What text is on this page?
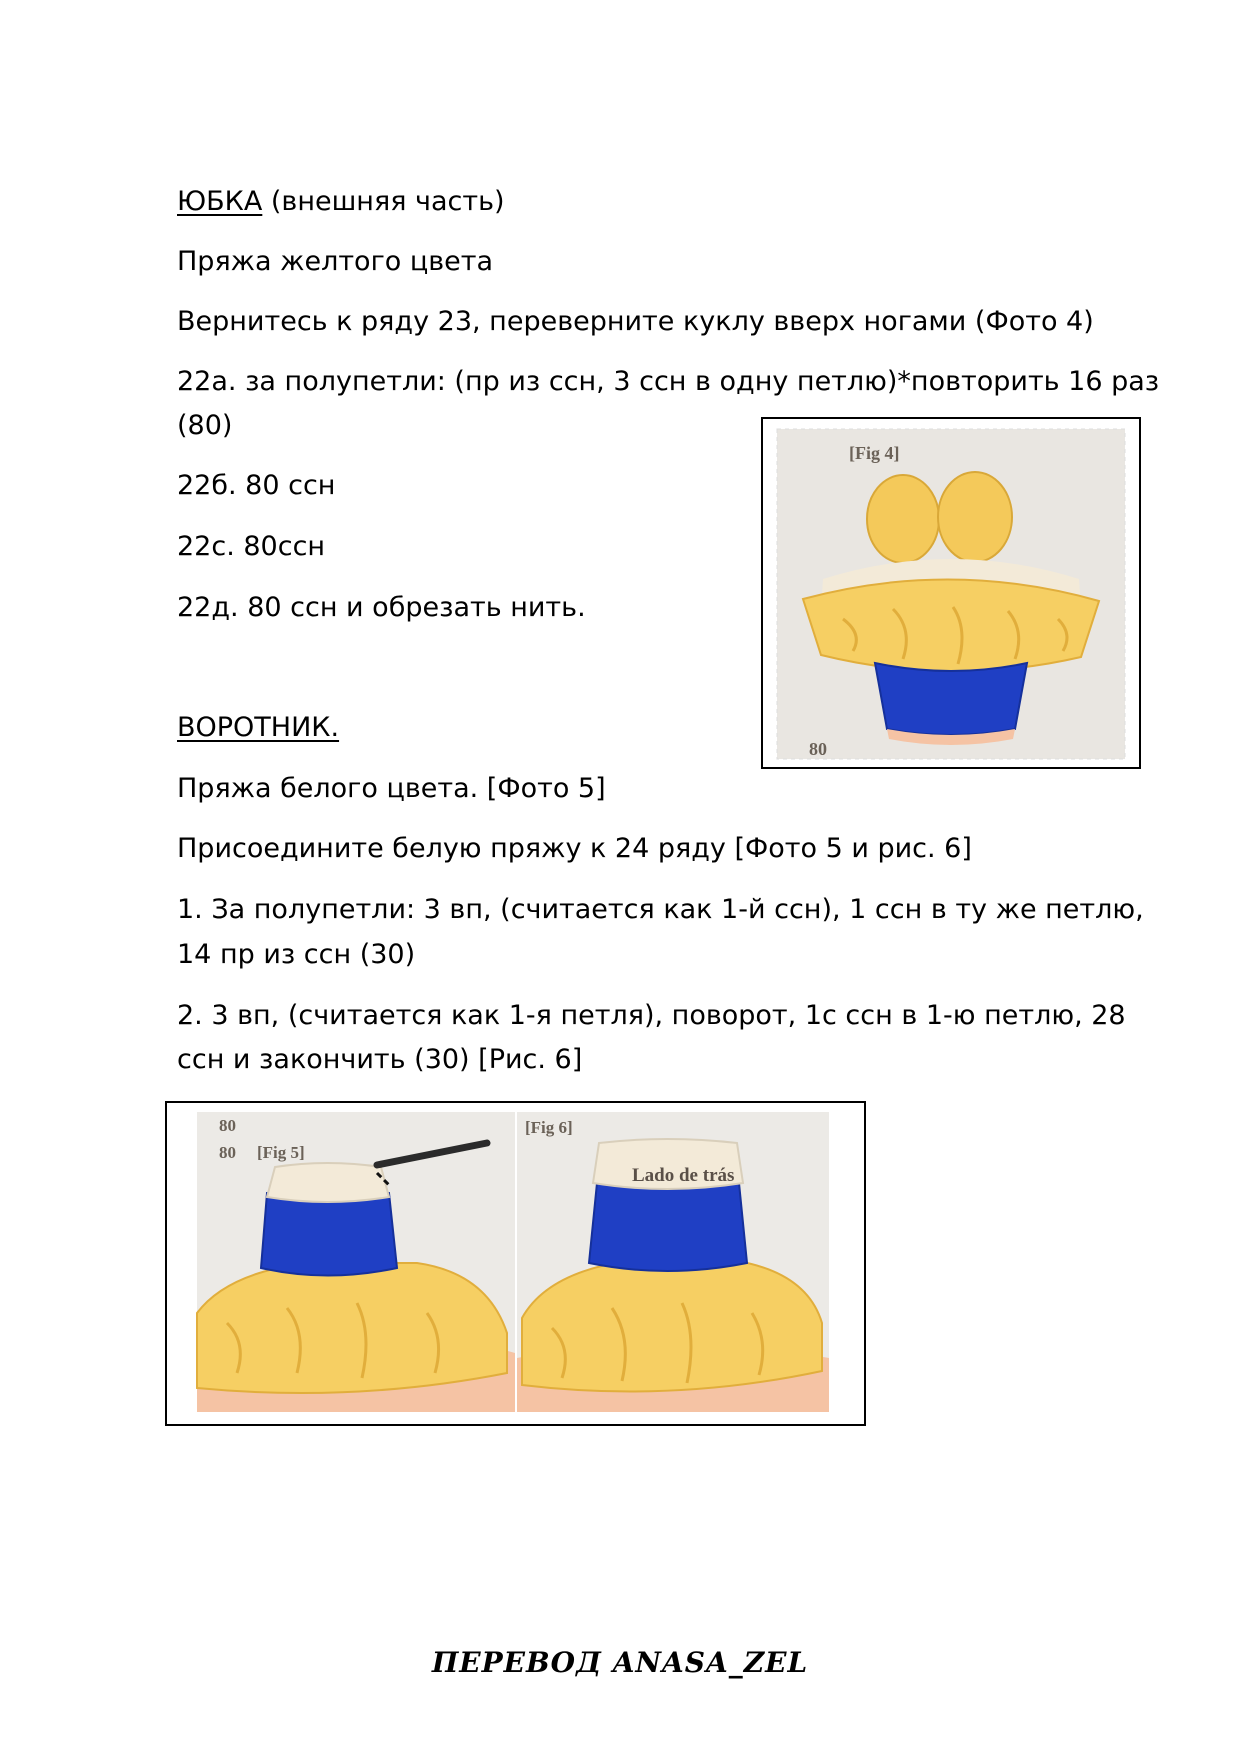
ЮБКА (внешняя часть)
Пряжа желтого цвета
Вернитесь к ряду 23, переверните куклу вверх ногами (Фото 4)
22а. за полупетли: (пр из ссн, 3 ссн в одну петлю)*повторить 16 раз
(80)
22б. 80 ссн
22с. 80ссн
22д. 80 ссн и обрезать нить.
ВОРОТНИК.
Пряжа белого цвета. [Фото 5]
Присоедините белую пряжу к 24 ряду [Фото 5 и рис. 6]
1. За полупетли: 3 вп, (считается как 1-й ссн), 1 ссн в ту же петлю,
14 пр из ссн (30)
2. 3 вп, (считается как 1-я петля), поворот, 1с ссн в 1-ю петлю, 28
ссн и закончить (30) [Рис. 6]
[Fig 4]
80
80
80 [Fig 5]
[Fig 6]
Lado de trás
ПЕРЕВОД ANASA_ZEL
